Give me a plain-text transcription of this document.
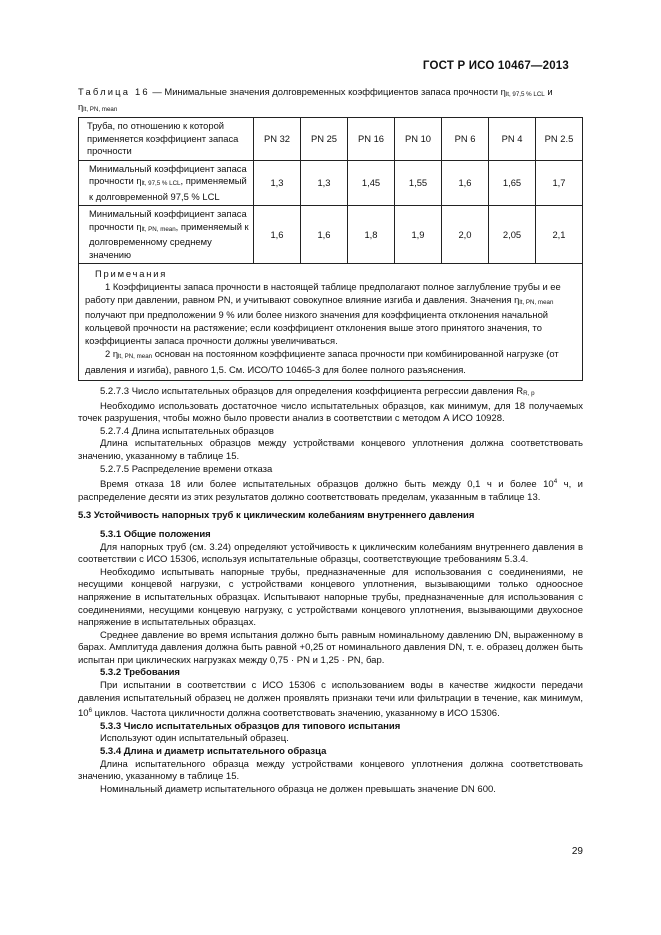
ГОСТ Р ИСО 10467—2013
Таблица 16 — Минимальные значения долговременных коэффициентов запаса прочности $\eta_{lt, 97,5 \% LCL}$ и
$\eta_{lt, PN, mean}$
Труба, по отношению к которой применяется коэффициент запаса прочности	PN 32	PN 25	PN 16	PN 10	PN 6	PN 4	PN 2.5
Минимальный коэффициент запаса прочности $\eta_{lt, 97,5 \% LCL}$, применяемый к долговременной 97,5 % LCL	1,3	1,3	1,45	1,55	1,6	1,65	1,7
Минимальный коэффициент запаса прочности $\eta_{lt, PN, mean}$, применяемый к долговременному среднему значению	1,6	1,6	1,8	1,9	2,0	2,05	2,1

Примечания

1 Коэффициенты запаса прочности в настоящей таблице предполагают полное заглубление трубы и ее работу при давлении, равном PN, и учитывают совокупное влияние изгиба и давления. Значения $\eta_{lt, PN, mean}$ получают при предположении 9 % или более низкого значения для коэффициента отклонения начальной кольцевой прочности на растяжение; если коэффициент отклонения выше этого принятого значения, то коэффициенты запаса прочности должны увеличиваться.

2 $\eta_{lt, PN, mean}$ основан на постоянном коэффициенте запаса прочности при комбинированной нагрузке (от давления и изгиба), равного 1,5. См. ИСО/ТО 10465-3 для более полного разъяснения.							

5.2.7.3 Число испытательных образцов для определения коэффициента регрессии давления $R_{R, p}$

Необходимо использовать достаточное число испытательных образцов, как минимум, для 18 получаемых точек разрушения, чтобы можно было провести анализ в соответствии с методом А ИСО 10928.

5.2.7.4 Длина испытательных образцов

Длина испытательных образцов между устройствами концевого уплотнения должна соответствовать значению, указанному в таблице 15.

5.2.7.5 Распределение времени отказа

Время отказа 18 или более испытательных образцов должно быть между 0,1 ч и более $10^4$ ч, и распределение десяти из этих результатов должно соответствовать пределам, указанным в таблице 13.

5.3 Устойчивость напорных труб к циклическим колебаниям внутреннего давления

5.3.1 Общие положения

Для напорных труб (см. 3.24) определяют устойчивость к циклическим колебаниям внутреннего давления в соответствии с ИСО 15306, используя испытательные образцы, соответствующие требованиям 5.3.4.

Необходимо испытывать напорные трубы, предназначенные для использования с соединениями, не несущими концевой нагрузки, с устройствами концевого уплотнения, вызывающими только одноосное напряжение в испытательных образцах. Испытывают напорные трубы, предназначенные для использования с соединениями, несущими концевую нагрузку, с устройствами концевого уплотнения, вызывающими двухосное напряжение в испытательных образцах.

Среднее давление во время испытания должно быть равным номинальному давлению DN, выраженному в барах. Амплитуда давления должна быть равной +0,25 от номинального давления DN, т. е. образец должен быть испытан при циклических нагрузках между 0,75 · PN и 1,25 · PN, бар.

5.3.2 Требования

При испытании в соответствии с ИСО 15306 с использованием воды в качестве жидкости передачи давления испытательный образец не должен проявлять признаки течи или фильтрации в течение, как минимум, $10^6$ циклов. Частота цикличности должна соответствовать значению, указанному в ИСО 15306.

5.3.3 Число испытательных образцов для типового испытания

Используют один испытательный образец.

5.3.4 Длина и диаметр испытательного образца

Длина испытательного образца между устройствами концевого уплотнения должна соответствовать значению, указанному в таблице 15.

Номинальный диаметр испытательного образца не должен превышать значение DN 600.

29
